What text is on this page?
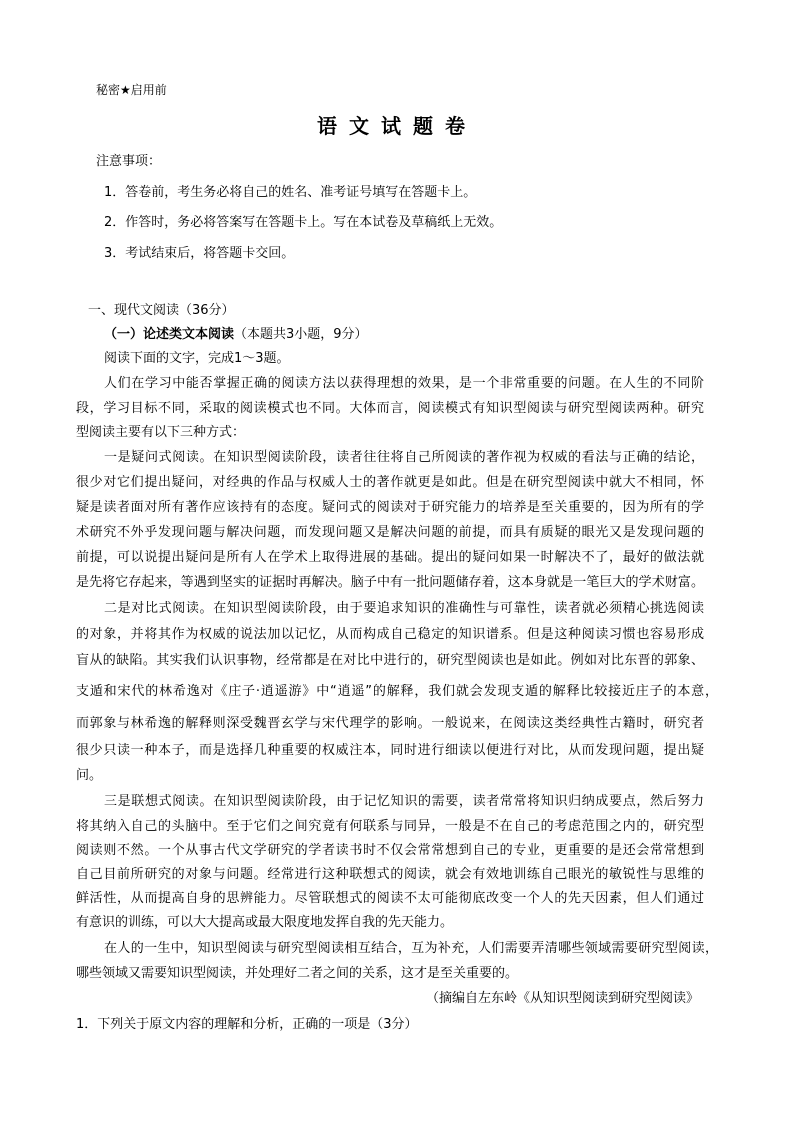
秘密★启用前
语文试题卷
注意事项：
1．答卷前，考生务必将自己的姓名、准考证号填写在答题卡上。
2．作答时，务必将答案写在答题卡上。写在本试卷及草稿纸上无效。
3．考试结束后，将答题卡交回。
一、现代文阅读（36分）
（一）论述类文本阅读（本题共3小题，9分）
阅读下面的文字，完成1～3题。
人们在学习中能否掌握正确的阅读方法以获得理想的效果，是一个非常重要的问题。在人生的不同阶
段，学习目标不同，采取的阅读模式也不同。大体而言，阅读模式有知识型阅读与研究型阅读两种。研究
型阅读主要有以下三种方式：
一是疑问式阅读。在知识型阅读阶段，读者往往将自己所阅读的著作视为权威的看法与正确的结论，
很少对它们提出疑问，对经典的作品与权威人士的著作就更是如此。但是在研究型阅读中就大不相同，怀
疑是读者面对所有著作应该持有的态度。疑问式的阅读对于研究能力的培养是至关重要的，因为所有的学
术研究不外乎发现问题与解决问题，而发现问题又是解决问题的前提，而具有质疑的眼光又是发现问题的
前提，可以说提出疑问是所有人在学术上取得进展的基础。提出的疑问如果一时解决不了，最好的做法就
是先将它存起来，等遇到坚实的证据时再解决。脑子中有一批问题储存着，这本身就是一笔巨大的学术财富。
二是对比式阅读。在知识型阅读阶段，由于要追求知识的准确性与可靠性，读者就必须精心挑选阅读
的对象，并将其作为权威的说法加以记忆，从而构成自己稳定的知识谱系。但是这种阅读习惯也容易形成
盲从的缺陷。其实我们认识事物，经常都是在对比中进行的，研究型阅读也是如此。例如对比东晋的郭象、
支遁和宋代的林希逸对《庄子·逍遥游》中“逍遥”的解释，我们就会发现支遁的解释比较接近庄子的本意，
而郭象与林希逸的解释则深受魏晋玄学与宋代理学的影响。一般说来，在阅读这类经典性古籍时，研究者
很少只读一种本子，而是选择几种重要的权威注本，同时进行细读以便进行对比，从而发现问题，提出疑
问。
三是联想式阅读。在知识型阅读阶段，由于记忆知识的需要，读者常常将知识归纳成要点，然后努力
将其纳入自己的头脑中。至于它们之间究竟有何联系与同异，一般是不在自己的考虑范围之内的，研究型
阅读则不然。一个从事古代文学研究的学者读书时不仅会常常想到自己的专业，更重要的是还会常常想到
自己目前所研究的对象与问题。经常进行这种联想式的阅读，就会有效地训练自己眼光的敏锐性与思维的
鲜活性，从而提高自身的思辨能力。尽管联想式的阅读不太可能彻底改变一个人的先天因素，但人们通过
有意识的训练，可以大大提高或最大限度地发挥自我的先天能力。
在人的一生中，知识型阅读与研究型阅读相互结合，互为补充，人们需要弄清哪些领域需要研究型阅读，
哪些领域又需要知识型阅读，并处理好二者之间的关系，这才是至关重要的。
（摘编自左东岭《从知识型阅读到研究型阅读》
1．下列关于原文内容的理解和分析，正确的一项是（3分）
